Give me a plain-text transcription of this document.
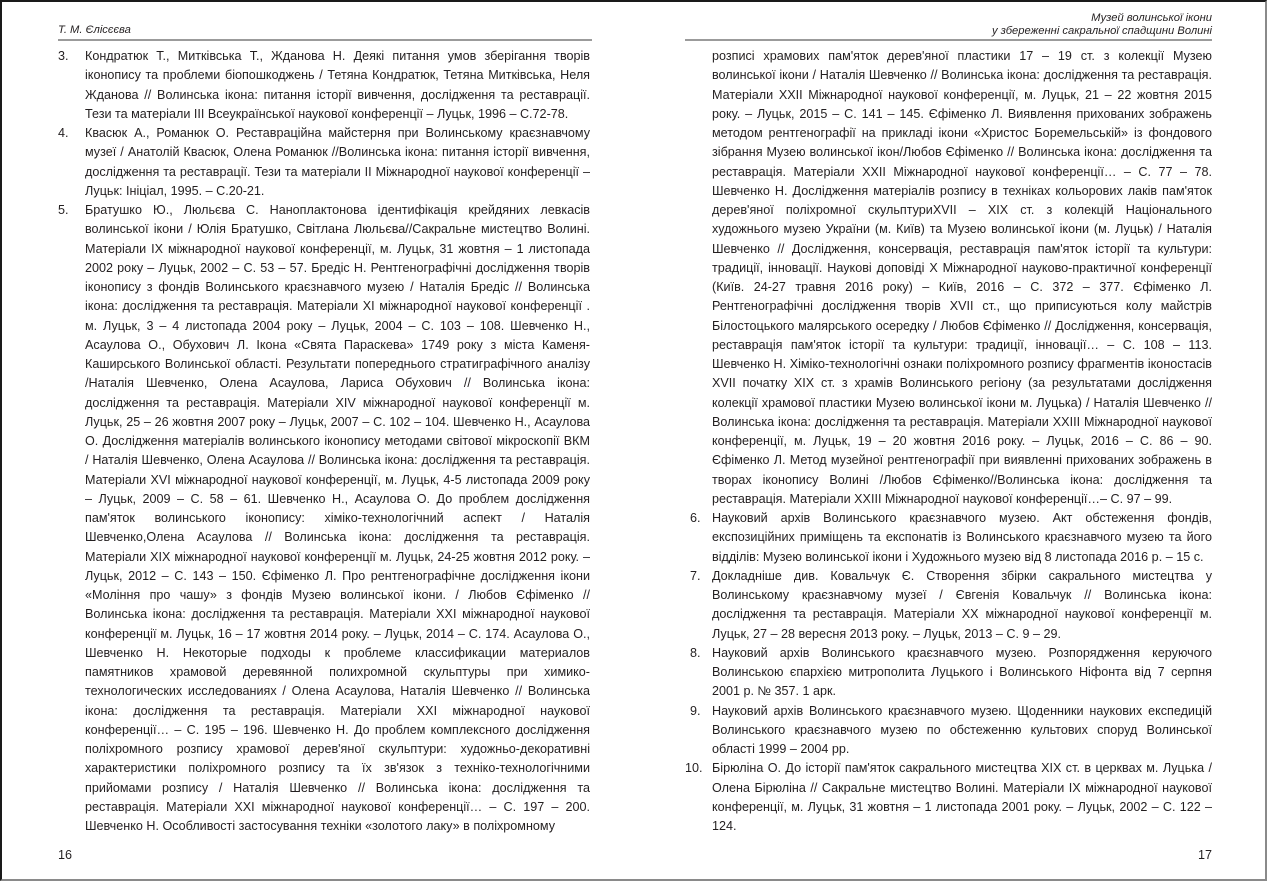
Т. М. Єлісєєва
3. Кондратюк Т., Митківська Т., Жданова Н. Деякі питання умов зберігання творів іконопису та проблеми біопошкоджень / Тетяна Кондратюк, Тетяна Митківська, Неля Жданова // Волинська ікона: питання історії вивчення, дослідження та реставрації. Тези та матеріали ІІІ Всеукраїнської наукової конференції – Луцьк, 1996 – С.72-78.
4. Квасюк А., Романюк О. Реставраційна майстерня при Волинському краєзнавчому музеї / Анатолій Квасюк, Олена Романюк //Волинська ікона: питання історії вивчення, дослідження та реставрації. Тези та матеріали ІІ Міжнародної наукової конференції – Луцьк: Ініціал, 1995. – С.20-21.
5. Братушко Ю., Люльєва С. Наноплактонова ідентифікація крейдяних левкасів волинської ікони / Юлія Братушко, Світлана Люльєва//Сакральне мистецтво Волині. Матеріали ІХ міжнародної наукової конференції, м. Луцьк, 31 жовтня – 1 листопада 2002 року – Луцьк, 2002 – С. 53 – 57. Бредіс Н. Рентгенографічні дослідження творів іконопису з фондів Волинського краєзнавчого музею / Наталія Бредіс // Волинська ікона: дослідження та реставрація. Матеріали ХІ міжнародної наукової конференції . м. Луцьк, 3 – 4 листопада 2004 року – Луцьк, 2004 – С. 103 – 108. Шевченко Н., Асаулова О., Обухович Л. Ікона «Свята Параскева» 1749 року з міста Каменя-Каширського Волинської області. Результати попереднього стратиграфічного аналізу /Наталія Шевченко, Олена Асаулова, Лариса Обухович // Волинська ікона: дослідження та реставрація. Матеріали XIV міжнародної наукової конференції м. Луцьк, 25 – 26 жовтня 2007 року – Луцьк, 2007 – С. 102 – 104. Шевченко Н., Асаулова О. Дослідження матеріалів волинського іконопису методами світової мікроскопії ВКМ / Наталія Шевченко, Олена Асаулова // Волинська ікона: дослідження та реставрація. Матеріали XVI міжнародної наукової конференції, м. Луцьк, 4-5 листопада 2009 року – Луцьк, 2009 – С. 58 – 61. Шевченко Н., Асаулова О. До проблем дослідження пам'яток волинського іконопису: хіміко-технологічний аспект / Наталія Шевченко,Олена Асаулова // Волинська ікона: дослідження та реставрація. Матеріали XIX міжнародної наукової конференції м. Луцьк, 24-25 жовтня 2012 року. – Луцьк, 2012 – С. 143 – 150. Єфіменко Л. Про рентгенографічне дослідження ікони «Моління про чашу» з фондів Музею волинської ікони. / Любов Єфіменко // Волинська ікона: дослідження та реставрація. Матеріали XXI міжнародної наукової конференції м. Луцьк, 16 – 17 жовтня 2014 року. – Луцьк, 2014 – С. 174. Асаулова О., Шевченко Н. Некоторые подходы к проблеме классификации материалов памятников храмовой деревянной полихромной скульптуры при химико-технологических исследованиях / Олена Асаулова, Наталія Шевченко // Волинська ікона: дослідження та реставрація. Матеріали XXI міжнародної наукової конференції… – С. 195 – 196. Шевченко Н. До проблем комплексного дослідження поліхромного розпису храмової дерев'яної скульптури: художньо-декоративні характеристики поліхромного розпису та їх зв'язок з техніко-технологічними прийомами розпису / Наталія Шевченко // Волинська ікона: дослідження та реставрація. Матеріали XXI міжнародної наукової конференції… – С. 197 – 200. Шевченко Н. Особливості застосування техніки «золотого лаку» в поліхромному
16
Музей волинської ікони
у збереженні сакральної спадщини Волині
розписі храмових пам'яток дерев'яної пластики 17 – 19 ст. з колекції Музею волинської ікони / Наталія Шевченко // Волинська ікона: дослідження та реставрація. Матеріали XXII Міжнародної наукової конференції, м. Луцьк, 21 – 22 жовтня 2015 року. – Луцьк, 2015 – С. 141 – 145. Єфіменко Л. Виявлення прихованих зображень методом рентгенографії на прикладі ікони «Христос Боремельській» із фондового зібрання Музею волинської ікон/Любов Єфіменко // Волинська ікона: дослідження та реставрація. Матеріали XXII Міжнародної наукової конференції… – С. 77 – 78. Шевченко Н. Дослідження матеріалів розпису в техніках кольорових лаків пам'яток дерев'яної поліхромної скульптуриXVII – XIX ст. з колекцій Національного художнього музею України (м. Київ) та Музею волинської ікони (м. Луцьк) / Наталія Шевченко // Дослідження, консервація, реставрація пам'яток історії та культури: традиції, інновації. Наукові доповіді Х Міжнародної науково-практичної конференції (Київ. 24-27 травня 2016 року) – Київ, 2016 – С. 372 – 377. Єфіменко Л. Рентгенографічні дослідження творів XVII ст., що приписуються колу майстрів Білостоцького малярського осередку / Любов Єфіменко // Дослідження, консервація, реставрація пам'яток історії та культури: традиції, інновації… – С. 108 – 113. Шевченко Н. Хіміко-технологічні ознаки поліхромного розпису фрагментів іконостасів XVII початку XIX ст. з храмів Волинського регіону (за результатами дослідження колекції храмової пластики Музею волинської ікони м. Луцька) / Наталія Шевченко // Волинська ікона: дослідження та реставрація. Матеріали XXIII Міжнародної наукової конференції, м. Луцьк, 19 – 20 жовтня 2016 року. – Луцьк, 2016 – С. 86 – 90. Єфіменко Л. Метод музейної рентгенографії при виявленні прихованих зображень в творах іконопису Волині /Любов Єфіменко//Волинська ікона: дослідження та реставрація. Матеріали XXIII Міжнародної наукової конференції…– С. 97 – 99.
6. Науковий архів Волинського краєзнавчого музею. Акт обстеження фондів, експозиційних приміщень та експонатів із Волинського краєзнавчого музею та його відділів: Музею волинської ікони і Художнього музею від 8 листопада 2016 р. – 15 с.
7. Докладніше див. Ковальчук Є. Створення збірки сакрального мистецтва у Волинському краєзнавчому музеї / Євгенія Ковальчук // Волинська ікона: дослідження та реставрація. Матеріали XX міжнародної наукової конференції м. Луцьк, 27 – 28 вересня 2013 року. – Луцьк, 2013 – С. 9 – 29.
8. Науковий архів Волинського краєзнавчого музею. Розпорядження керуючого Волинською єпархією митрополита Луцького і Волинського Ніфонта від 7 серпня 2001 р. № 357. 1 арк.
9. Науковий архів Волинського краєзнавчого музею. Щоденники наукових експедицій Волинського краєзнавчого музею по обстеженню культових споруд Волинської області 1999 – 2004 рр.
10. Бірюліна О. До історії пам'яток сакрального мистецтва XIX ст. в церквах м. Луцька / Олена Бірюліна // Сакральне мистецтво Волині. Матеріали ІХ міжнародної наукової конференції, м. Луцьк, 31 жовтня – 1 листопада 2001 року. – Луцьк, 2002 – С. 122 – 124.
17
